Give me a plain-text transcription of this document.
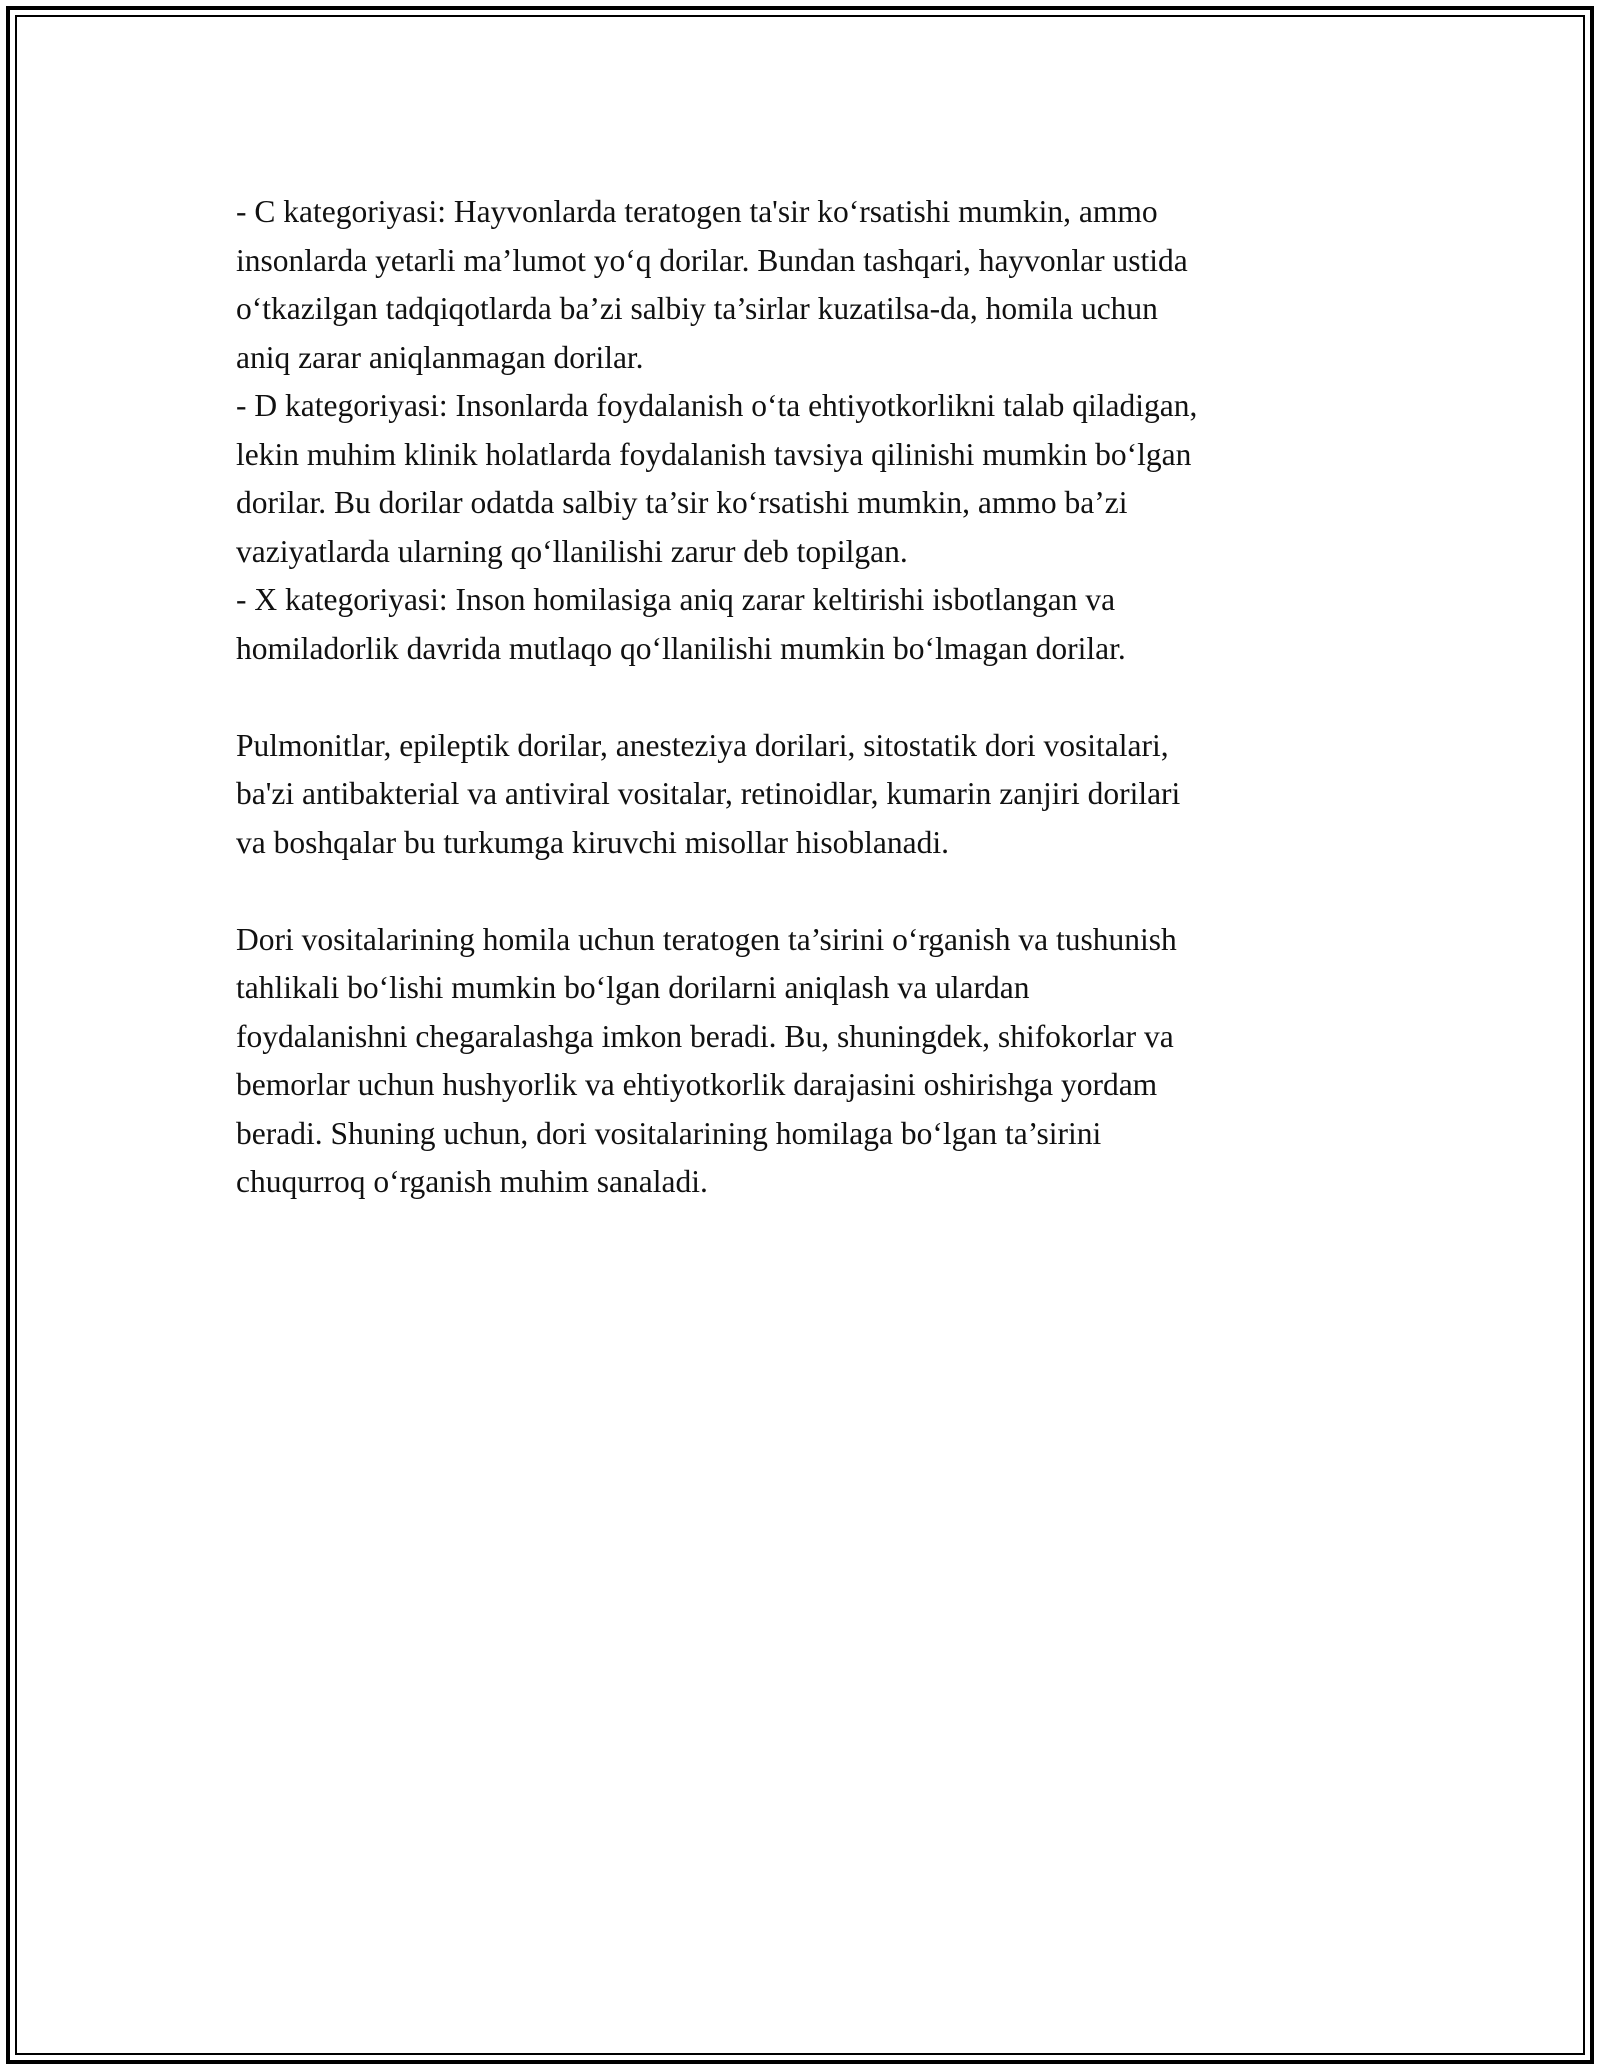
- C kategoriyasi: Hayvonlarda teratogen ta'sir koʻrsatishi mumkin, ammo
insonlarda yetarli ma’lumot yoʻq dorilar. Bundan tashqari, hayvonlar ustida
oʻtkazilgan tadqiqotlarda ba’zi salbiy ta’sirlar kuzatilsa-da, homila uchun
aniq zarar aniqlanmagan dorilar.
- D kategoriyasi: Insonlarda foydalanish oʻta ehtiyotkorlikni talab qiladigan,
lekin muhim klinik holatlarda foydalanish tavsiya qilinishi mumkin boʻlgan
dorilar. Bu dorilar odatda salbiy ta’sir koʻrsatishi mumkin, ammo ba’zi
vaziyatlarda ularning qoʻllanilishi zarur deb topilgan.
- X kategoriyasi: Inson homilasiga aniq zarar keltirishi isbotlangan va
homiladorlik davrida mutlaqo qoʻllanilishi mumkin boʻlmagan dorilar.

Pulmonitlar, epileptik dorilar, anesteziya dorilari, sitostatik dori vositalari,
ba'zi antibakterial va antiviral vositalar, retinoidlar, kumarin zanjiri dorilari
va boshqalar bu turkumga kiruvchi misollar hisoblanadi.

Dori vositalarining homila uchun teratogen ta’sirini oʻrganish va tushunish
tahlikali boʻlishi mumkin boʻlgan dorilarni aniqlash va ulardan
foydalanishni chegaralashga imkon beradi. Bu, shuningdek, shifokorlar va
bemorlar uchun hushyorlik va ehtiyotkorlik darajasini oshirishga yordam
beradi. Shuning uchun, dori vositalarining homilaga boʻlgan ta’sirini
chuqurroq oʻrganish muhim sanaladi.
